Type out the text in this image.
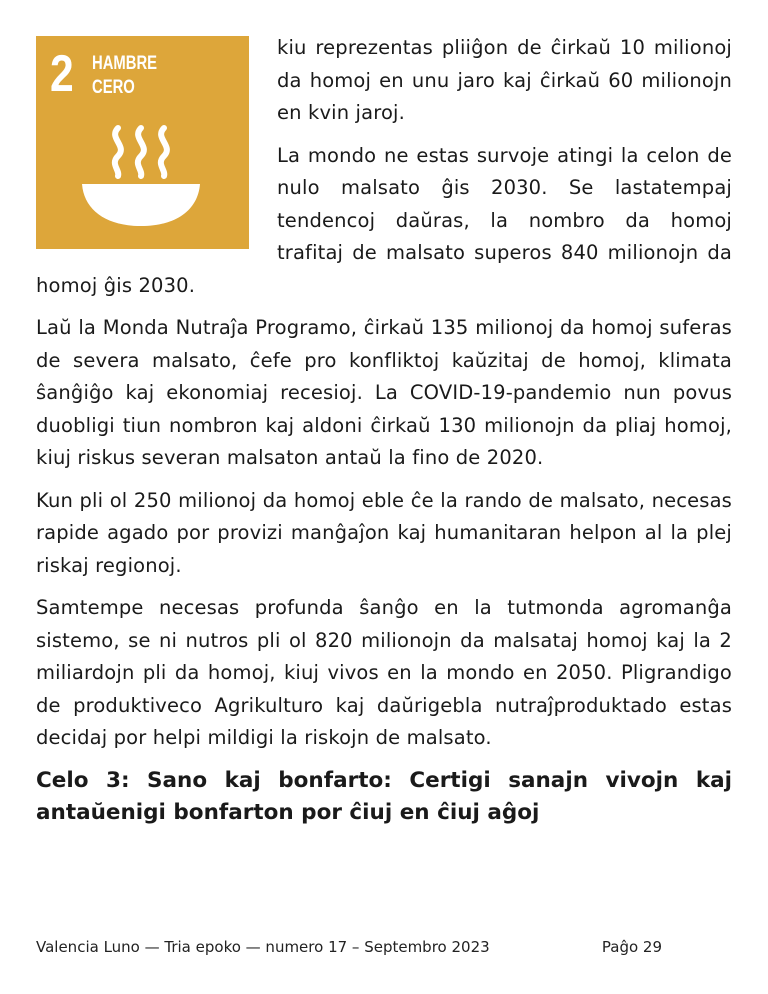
2 HAMBRE
CERO

kiu reprezentas pliiĝon de ĉirkaŭ 10 milionoj da homoj en unu jaro kaj ĉirkaŭ 60 milionojn en kvin jaroj.

La mondo ne estas survoje atingi la celon de nulo malsato ĝis 2030. Se lastatempaj tendencoj daŭras, la nombro da homoj trafitaj de malsato superos 840 milionojn da homoj ĝis 2030.

Laŭ la Monda Nutraĵa Programo, ĉirkaŭ 135 milionoj da homoj suferas de severa malsato, ĉefe pro konfliktoj kaŭzitaj de homoj, klimata ŝanĝiĝo kaj ekonomiaj recesioj. La COVID-19-pandemio nun povus duobligi tiun nombron kaj aldoni ĉirkaŭ 130 milionojn da pliaj homoj, kiuj riskus severan malsaton antaŭ la fino de 2020.

Kun pli ol 250 milionoj da homoj eble ĉe la rando de malsato, necesas rapide agado por provizi manĝaĵon kaj humanitaran helpon al la plej riskaj regionoj.

Samtempe necesas profunda ŝanĝo en la tutmonda agromanĝa sistemo, se ni nutros pli ol 820 milionojn da malsataj homoj kaj la 2 miliardojn pli da homoj, kiuj vivos en la mondo en 2050. Pligrandigo de produktiveco Agrikulturo kaj daŭrigebla nutraĵproduktado estas decidaj por helpi mildigi la riskojn de malsato.

Celo 3: Sano kaj bonfarto: Certigi sanajn vivojn kaj antaŭenigi bonfarton por ĉiuj en ĉiuj aĝoj
Valencia Luno — Tria epoko — numero 17 – Septembro 2023	Paĝo 29
